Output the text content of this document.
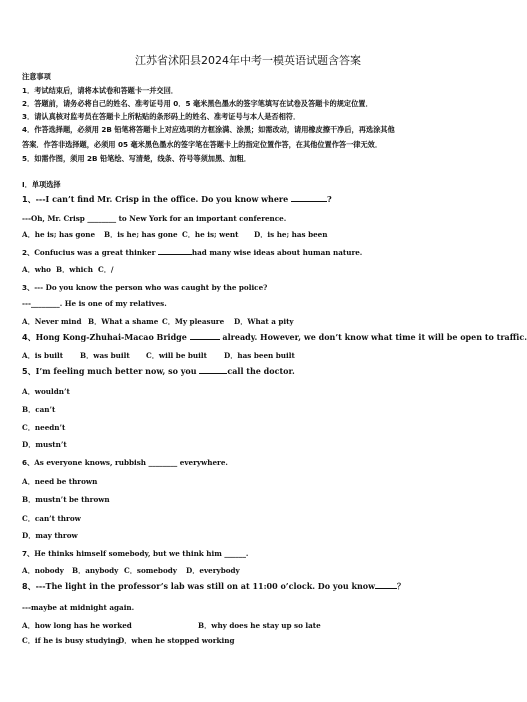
江苏省沭阳县2024年中考一模英语试题含答案
注意事项
1．考试结束后，请将本试卷和答题卡一并交回．
2．答题前，请务必将自己的姓名、准考证号用 0．5 毫米黑色墨水的签字笔填写在试卷及答题卡的规定位置．
3．请认真核对监考员在答题卡上所粘贴的条形码上的姓名、准考证号与本人是否相符．
4．作答选择题，必须用 2B 铅笔将答题卡上对应选项的方框涂满、涂黑；如需改动，请用橡皮擦干净后，再选涂其他
答案．作答非选择题，必须用 05 毫米黑色墨水的签字笔在答题卡上的指定位置作答，在其他位置作答一律无效．
5．如需作图，须用 2B 铅笔绘、写清楚，线条、符号等须加黑、加粗．
Ⅰ．单项选择
1、---I can’t find Mr. Crisp in the office. Do you know where	?
---Oh, Mr. Crisp ________ to New York for an important conference.
A．he is; has gone B．is he; has gone C．he is; went D．is he; has been
2、Confucius was a great thinker	had many wise ideas about human nature.
A．who B．which C．/
3、--- Do you know the person who was caught by the police?
---________. He is one of my relatives.
A．Never mind B．What a shame C．My pleasure D．What a pity
4、Hong Kong-Zhuhai-Macao Bridge	already. However, we don’t know what time it will be open to traffic.
A．is built B．was built C．will be built D．has been built
5、I’m feeling much better now, so you	call the doctor.
A．wouldn’t
B．can’t
C．needn’t
D．mustn’t
6、As everyone knows, rubbish ________ everywhere.
A．need be thrown
B．mustn’t be thrown
C．can’t throw
D．may throw
7、He thinks himself somebody, but we think him ______.
A．nobody B．anybody C．somebody D．everybody
8、---The light in the professor’s lab was still on at 11:00 o’clock. Do you know	？
---maybe at midnight again.
A．how long has he worked	B．why does he stay up so late
C．if he is busy studyingD．when he stopped working
